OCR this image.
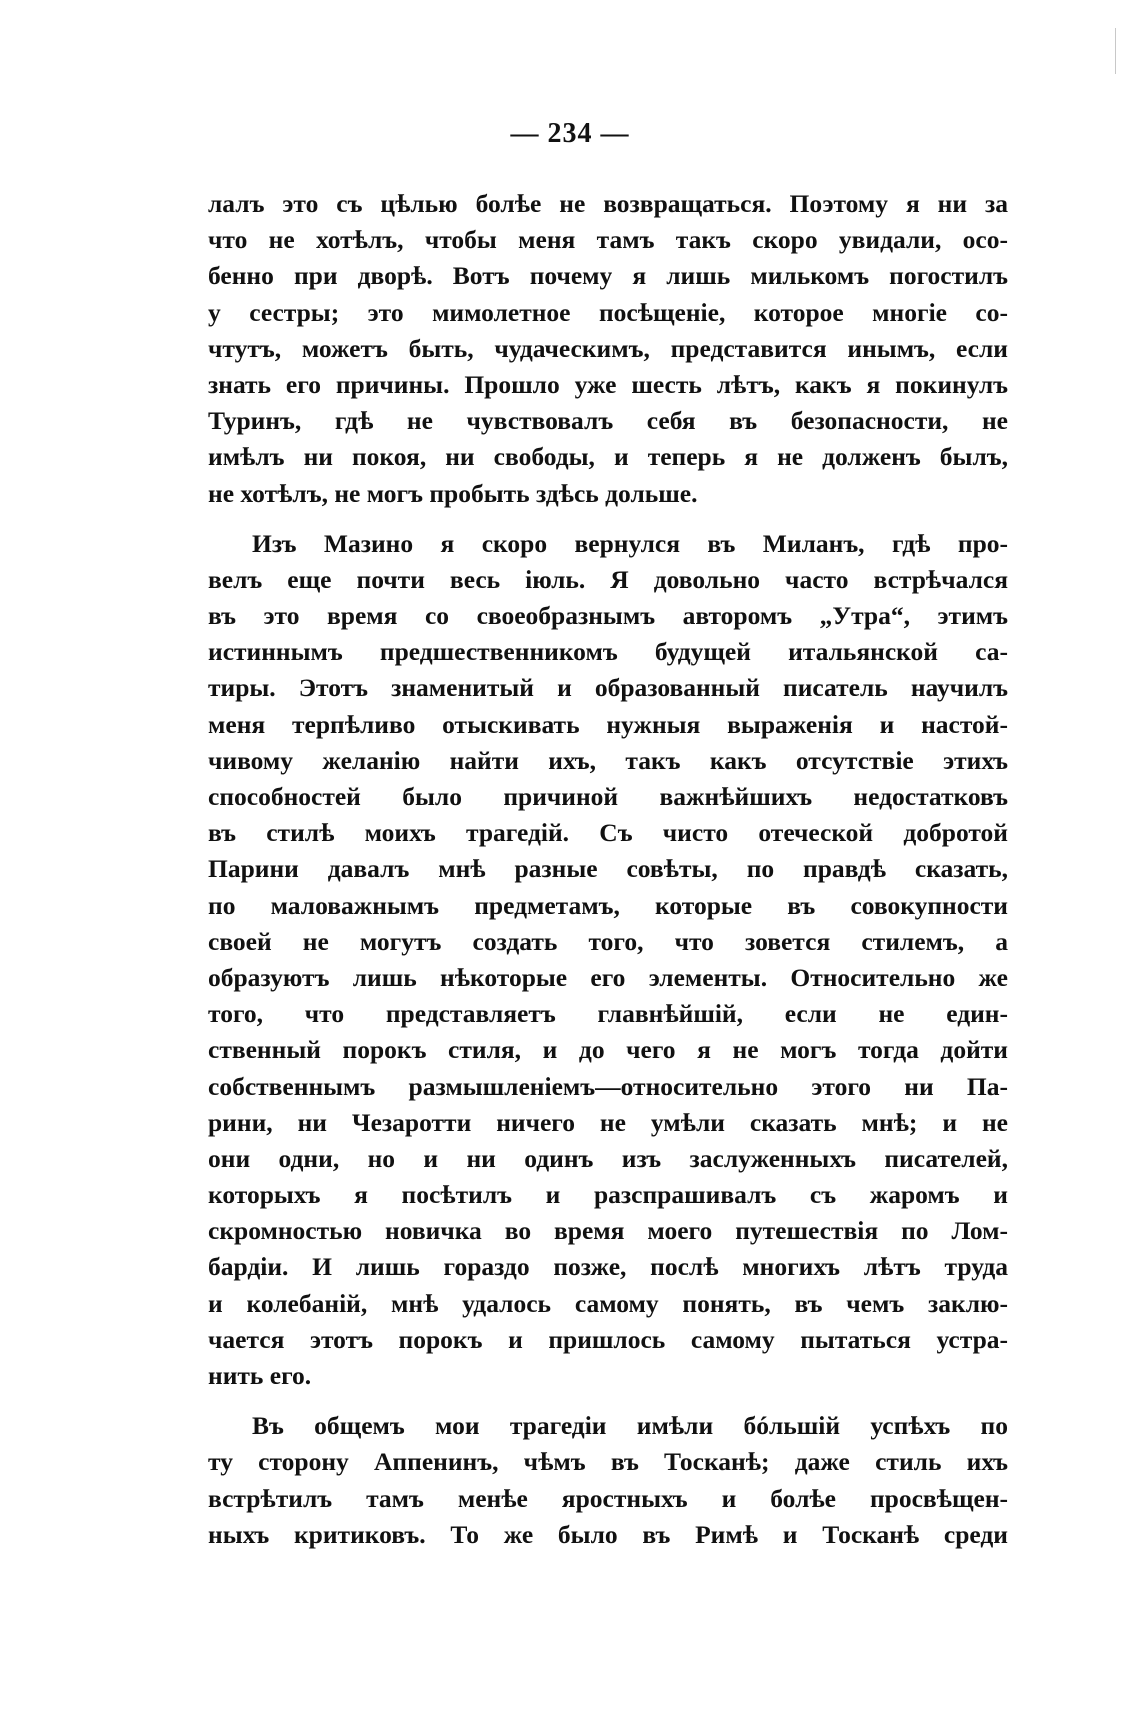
— 234 —
лалъ это съ цѣлью болѣе не возвращаться. Поэтому я ни за
что не хотѣлъ, чтобы меня тамъ такъ скоро увидали, осо-
бенно при дворѣ. Вотъ почему я лишь милькомъ погостилъ
у сестры; это мимолетное посѣщеніе, которое многіе со-
чтутъ, можетъ быть, чудаческимъ, представится инымъ, если
знать его причины. Прошло уже шесть лѣтъ, какъ я покинулъ
Туринъ, гдѣ не чувствовалъ себя въ безопасности, не
имѣлъ ни покоя, ни свободы, и теперь я не долженъ былъ,
не хотѣлъ, не могъ пробыть здѣсь дольше.
Изъ Мазино я скоро вернулся въ Миланъ, гдѣ про-
велъ еще почти весь іюль. Я довольно часто встрѣчался
въ это время со своеобразнымъ авторомъ „Утра“, этимъ
истиннымъ предшественникомъ будущей итальянской са-
тиры. Этотъ знаменитый и образованный писатель научилъ
меня терпѣливо отыскивать нужныя выраженія и настой-
чивому желанію найти ихъ, такъ какъ отсутствіе этихъ
способностей было причиной важнѣйшихъ недостатковъ
въ стилѣ моихъ трагедій. Съ чисто отеческой добротой
Парини давалъ мнѣ разные совѣты, по правдѣ сказать,
по маловажнымъ предметамъ, которые въ совокупности
своей не могутъ создать того, что зовется стилемъ, а
образуютъ лишь нѣкоторые его элементы. Относительно же
того, что представляетъ главнѣйшій, если не един-
ственный порокъ стиля, и до чего я не могъ тогда дойти
собственнымъ размышленіемъ—относительно этого ни Па-
рини, ни Чезаротти ничего не умѣли сказать мнѣ; и не
они одни, но и ни одинъ изъ заслуженныхъ писателей,
которыхъ я посѣтилъ и разспрашивалъ съ жаромъ и
скромностью новичка во время моего путешествія по Лом-
бардіи. И лишь гораздо позже, послѣ многихъ лѣтъ труда
и колебаній, мнѣ удалось самому понять, въ чемъ заклю-
чается этотъ порокъ и пришлось самому пытаться устра-
нить его.
Въ общемъ мои трагедіи имѣли бóльшій успѣхъ по
ту сторону Аппенинъ, чѣмъ въ Тосканѣ; даже стиль ихъ
встрѣтилъ тамъ менѣе яростныхъ и болѣе просвѣщен-
ныхъ критиковъ. То же было въ Римѣ и Тосканѣ среди
